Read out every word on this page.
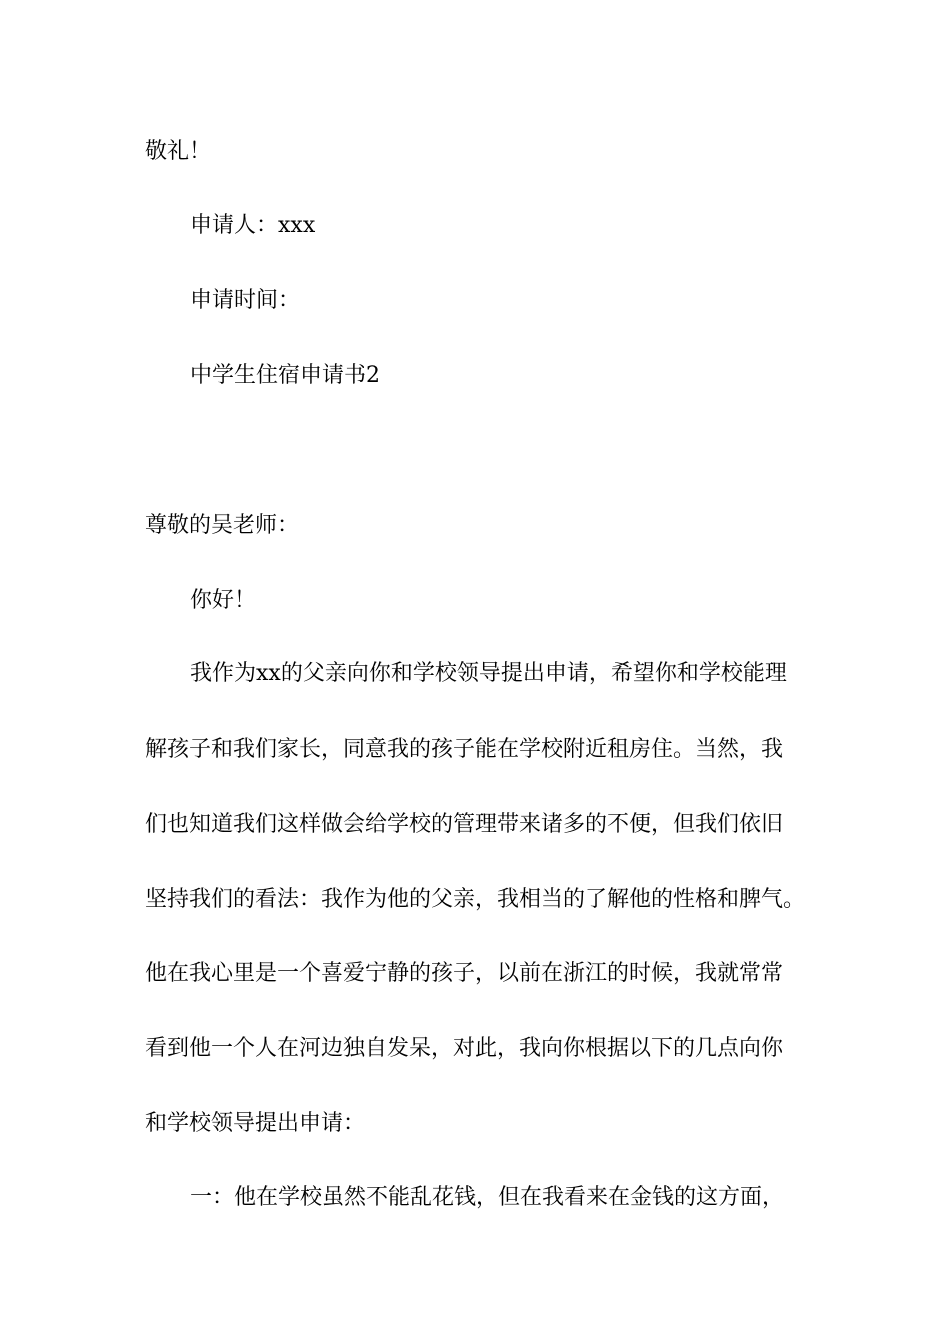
敬礼！
申请人：xxx
申请时间：
中学生住宿申请书2
尊敬的吴老师：
你好！
我作为xx的父亲向你和学校领导提出申请，希望你和学校能理
解孩子和我们家长，同意我的孩子能在学校附近租房住。当然，我
们也知道我们这样做会给学校的管理带来诸多的不便，但我们依旧
坚持我们的看法：我作为他的父亲，我相当的了解他的性格和脾气。
他在我心里是一个喜爱宁静的孩子，以前在浙江的时候，我就常常
看到他一个人在河边独自发呆，对此，我向你根据以下的几点向你
和学校领导提出申请：
一：他在学校虽然不能乱花钱，但在我看来在金钱的这方面，
